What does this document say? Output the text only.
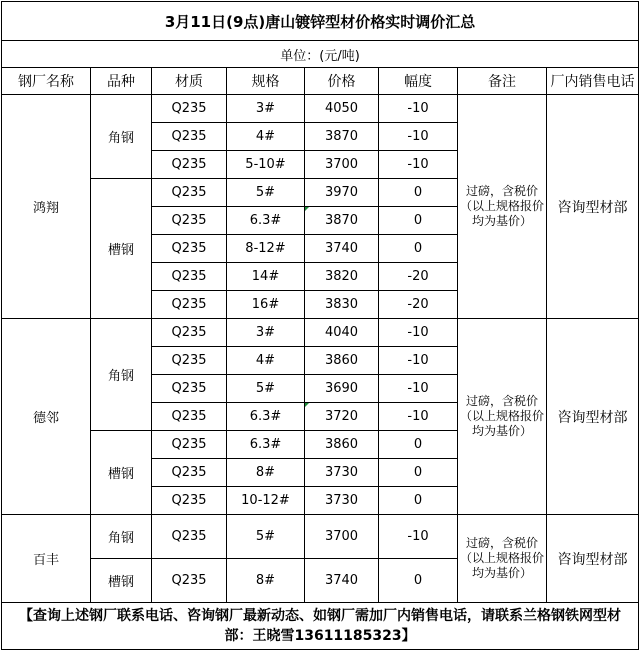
3月11日(9点)唐山镀锌型材价格实时调价汇总							
单位：(元/吨)							
钢厂名称	品种	材质	规格	价格	幅度	备注	厂内销售电话
鸿翔	角钢	Q235	3#	4050	-10	过磅，含税价（以上规格报价均为基价）	咨询型材部
		Q235	4#	3870	-10		
		Q235	5-10#	3700	-10		
	槽钢	Q235	5#	3970	0		
		Q235	6.3#	3870	0		
		Q235	8-12#	3740	0		
		Q235	14#	3820	-20		
		Q235	16#	3830	-20		
德邻	角钢	Q235	3#	4040	-10	过磅，含税价（以上规格报价均为基价）	咨询型材部
		Q235	4#	3860	-10		
		Q235	5#	3690	-10		
		Q235	6.3#	3720	-10		
	槽钢	Q235	6.3#	3860	0		
		Q235	8#	3730	0		
		Q235	10-12#	3730	0		
百丰	角钢	Q235	5#	3700	-10	过磅，含税价（以上规格报价均为基价）	咨询型材部
	槽钢	Q235	8#	3740	0		
【查询上述钢厂联系电话、咨询钢厂最新动态、如钢厂需加厂内销售电话，请联系兰格钢铁网型材部：王晓雪13611185323】							
